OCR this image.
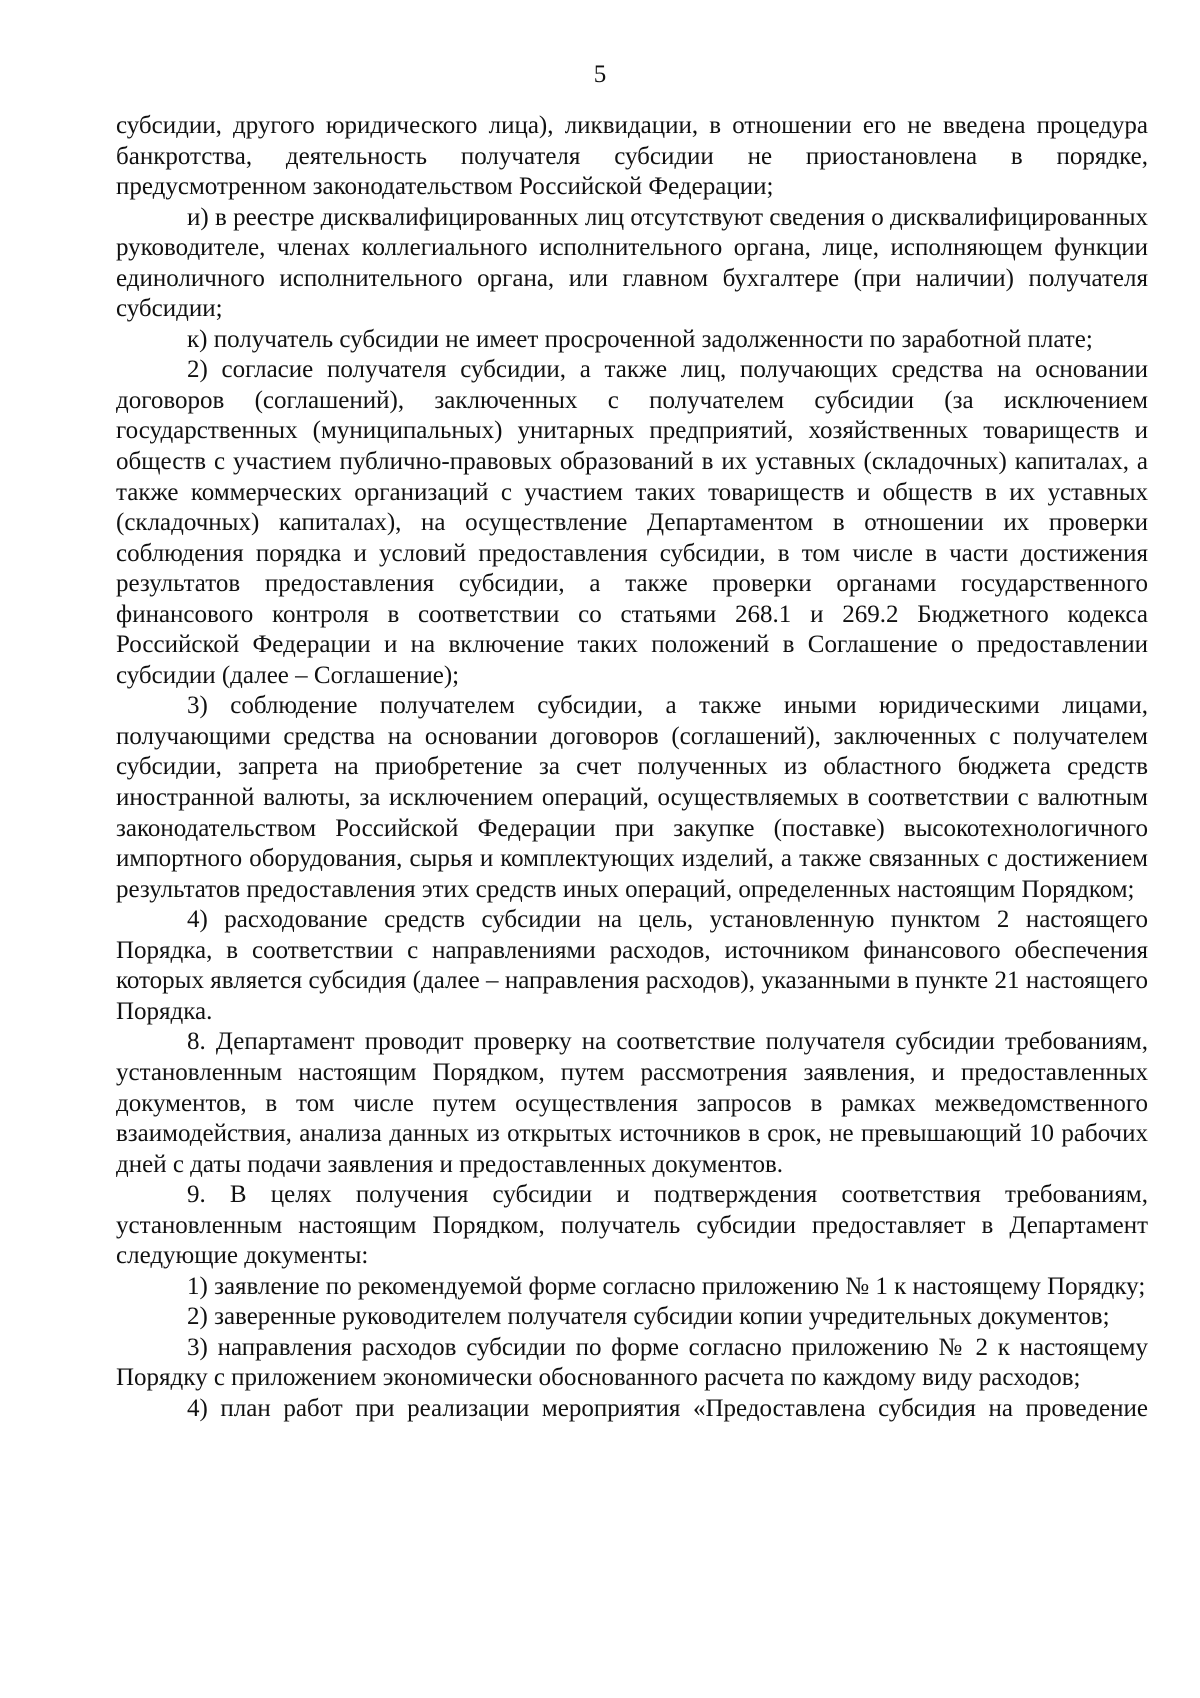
5

субсидии, другого юридического лица), ликвидации, в отношении его не введена процедура банкротства, деятельность получателя субсидии не приостановлена в порядке, предусмотренном законодательством Российской Федерации;

и) в реестре дисквалифицированных лиц отсутствуют сведения о дисквалифицированных руководителе, членах коллегиального исполнительного органа, лице, исполняющем функции единоличного исполнительного органа, или главном бухгалтере (при наличии) получателя субсидии;

к) получатель субсидии не имеет просроченной задолженности по заработной плате;

2) согласие получателя субсидии, а также лиц, получающих средства на основании договоров (соглашений), заключенных с получателем субсидии (за исключением государственных (муниципальных) унитарных предприятий, хозяйственных товариществ и обществ с участием публично-правовых образований в их уставных (складочных) капиталах, а также коммерческих организаций с участием таких товариществ и обществ в их уставных (складочных) капиталах), на осуществление Департаментом в отношении их проверки соблюдения порядка и условий предоставления субсидии, в том числе в части достижения результатов предоставления субсидии, а также проверки органами государственного финансового контроля в соответствии со статьями 268.1 и 269.2 Бюджетного кодекса Российской Федерации и на включение таких положений в Соглашение о предоставлении субсидии (далее – Соглашение);

3) соблюдение получателем субсидии, а также иными юридическими лицами, получающими средства на основании договоров (соглашений), заключенных с получателем субсидии, запрета на приобретение за счет полученных из областного бюджета средств иностранной валюты, за исключением операций, осуществляемых в соответствии с валютным законодательством Российской Федерации при закупке (поставке) высокотехнологичного импортного оборудования, сырья и комплектующих изделий, а также связанных с достижением результатов предоставления этих средств иных операций, определенных настоящим Порядком;

4) расходование средств субсидии на цель, установленную пунктом 2 настоящего Порядка, в соответствии с направлениями расходов, источником финансового обеспечения которых является субсидия (далее – направления расходов), указанными в пункте 21 настоящего Порядка.

8. Департамент проводит проверку на соответствие получателя субсидии требованиям, установленным настоящим Порядком, путем рассмотрения заявления, и предоставленных документов, в том числе путем осуществления запросов в рамках межведомственного взаимодействия, анализа данных из открытых источников в срок, не превышающий 10 рабочих дней с даты подачи заявления и предоставленных документов.

9. В целях получения субсидии и подтверждения соответствия требованиям, установленным настоящим Порядком, получатель субсидии предоставляет в Департамент следующие документы:

1) заявление по рекомендуемой форме согласно приложению № 1 к настоящему Порядку;

2) заверенные руководителем получателя субсидии копии учредительных документов;

3) направления расходов субсидии по форме согласно приложению № 2 к настоящему Порядку с приложением экономически обоснованного расчета по каждому виду расходов;

4) план работ при реализации мероприятия «Предоставлена субсидия на проведение
